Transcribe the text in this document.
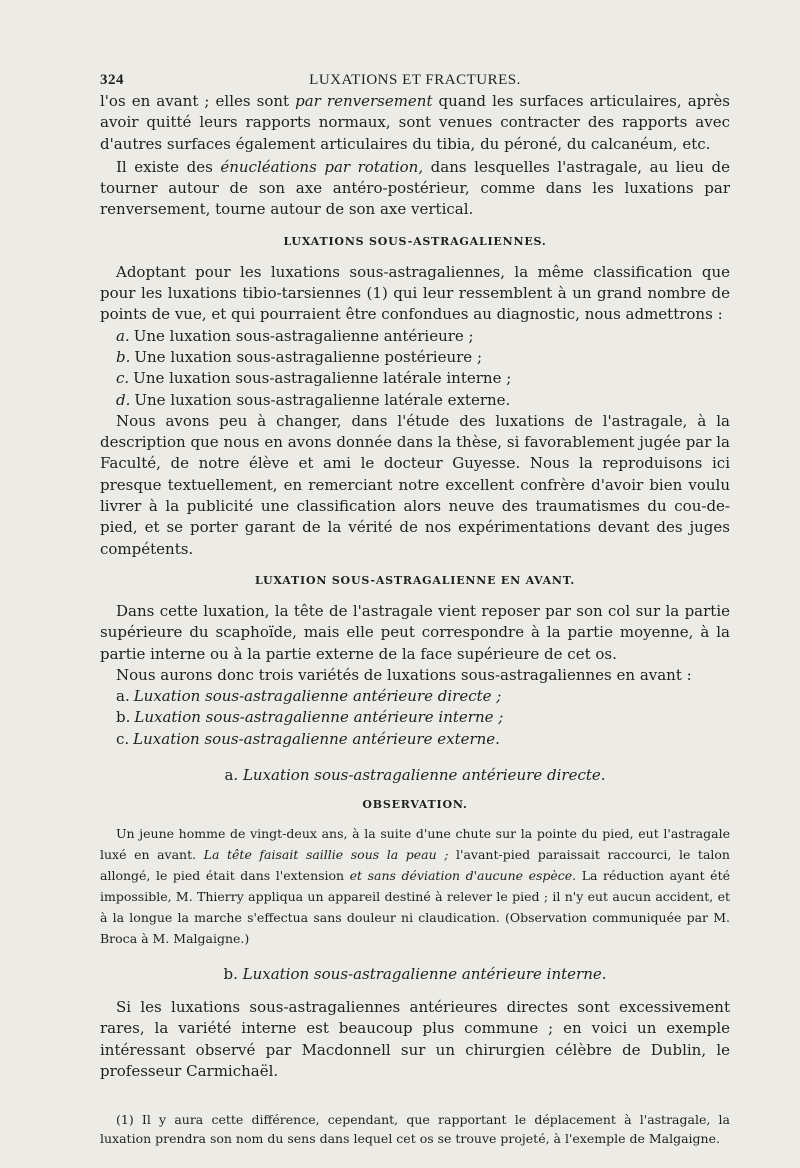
324	LUXATIONS ET FRACTURES.

l'os en avant ; elles sont par renversement quand les surfaces articulaires, après avoir quitté leurs rapports normaux, sont venues contracter des rapports avec d'autres surfaces également articulaires du tibia, du péroné, du calcanéum, etc.

Il existe des énucléations par rotation, dans lesquelles l'astragale, au lieu de tourner autour de son axe antéro-postérieur, comme dans les luxations par renversement, tourne autour de son axe vertical.

LUXATIONS SOUS-ASTRAGALIENNES.

Adoptant pour les luxations sous-astragaliennes, la même classification que pour les luxations tibio-tarsiennes (1) qui leur ressemblent à un grand nombre de points de vue, et qui pourraient être confondues au diagnostic, nous admettrons :

a. Une luxation sous-astragalienne antérieure ;
b. Une luxation sous-astragalienne postérieure ;
c. Une luxation sous-astragalienne latérale interne ;
d. Une luxation sous-astragalienne latérale externe.

Nous avons peu à changer, dans l'étude des luxations de l'astragale, à la description que nous en avons donnée dans la thèse, si favorablement jugée par la Faculté, de notre élève et ami le docteur Guyesse. Nous la reproduisons ici presque textuellement, en remerciant notre excellent confrère d'avoir bien voulu livrer à la publicité une classification alors neuve des traumatismes du cou-de-pied, et se porter garant de la vérité de nos expérimentations devant des juges compétents.

LUXATION SOUS-ASTRAGALIENNE EN AVANT.

Dans cette luxation, la tête de l'astragale vient reposer par son col sur la partie supérieure du scaphoïde, mais elle peut correspondre à la partie moyenne, à la partie interne ou à la partie externe de la face supérieure de cet os.

Nous aurons donc trois variétés de luxations sous-astragaliennes en avant :

a. Luxation sous-astragalienne antérieure directe ;
b. Luxation sous-astragalienne antérieure interne ;
c. Luxation sous-astragalienne antérieure externe.
a. Luxation sous-astragalienne antérieure directe.
OBSERVATION.

Un jeune homme de vingt-deux ans, à la suite d'une chute sur la pointe du pied, eut l'astragale luxé en avant. La tête faisait saillie sous la peau ; l'avant-pied paraissait raccourci, le talon allongé, le pied était dans l'extension et sans déviation d'aucune espèce. La réduction ayant été impossible, M. Thierry appliqua un appareil destiné à relever le pied ; il n'y eut aucun accident, et à la longue la marche s'effectua sans douleur ni claudication. (Observation communiquée par M. Broca à M. Malgaigne.)

b. Luxation sous-astragalienne antérieure interne.

Si les luxations sous-astragaliennes antérieures directes sont excessivement rares, la variété interne est beaucoup plus commune ; en voici un exemple intéressant observé par Macdonnell sur un chirurgien célèbre de Dublin, le professeur Carmichaël.

(1) Il y aura cette différence, cependant, que rapportant le déplacement à l'astragale, la luxation prendra son nom du sens dans lequel cet os se trouve projeté, à l'exemple de Malgaigne.
